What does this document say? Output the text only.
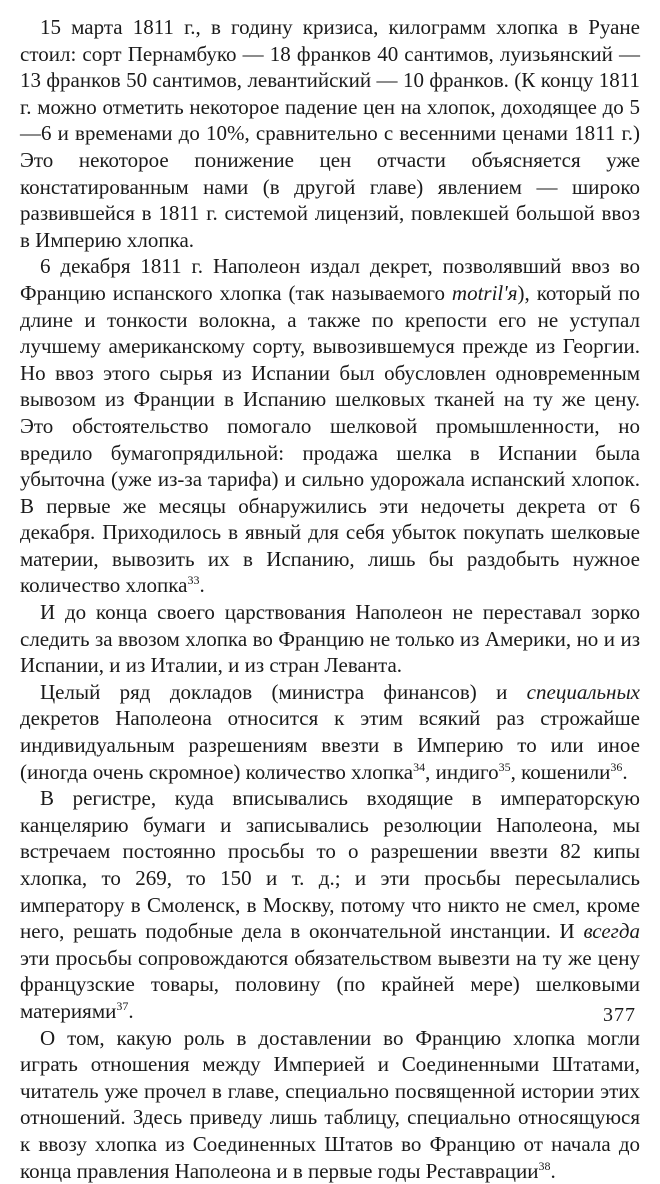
15 марта 1811 г., в годину кризиса, килограмм хлопка в Руане стоил: сорт Пернамбуко — 18 франков 40 сантимов, луизьянский — 13 франков 50 сантимов, левантийский — 10 франков. (К концу 1811 г. можно отметить некоторое падение цен на хлопок, доходящее до 5—6 и временами до 10%, сравнительно с весенними ценами 1811 г.) Это некоторое понижение цен отчасти объясняется уже констатированным нами (в другой главе) явлением — широко развившейся в 1811 г. системой лицензий, повлекшей большой ввоз в Империю хлопка.

6 декабря 1811 г. Наполеон издал декрет, позволявший ввоз во Францию испанского хлопка (так называемого motril'я), который по длине и тонкости волокна, а также по крепости его не уступал лучшему американскому сорту, вывозившемуся прежде из Георгии. Но ввоз этого сырья из Испании был обусловлен одновременным вывозом из Франции в Испанию шелковых тканей на ту же цену. Это обстоятельство помогало шелковой промышленности, но вредило бумагопрядильной: продажа шелка в Испании была убыточна (уже из-за тарифа) и сильно удорожала испанский хлопок. В первые же месяцы обнаружились эти недочеты декрета от 6 декабря. Приходилось в явный для себя убыток покупать шелковые материи, вывозить их в Испанию, лишь бы раздобыть нужное количество хлопка$^{33}$.

И до конца своего царствования Наполеон не переставал зорко следить за ввозом хлопка во Францию не только из Америки, но и из Испании, и из Италии, и из стран Леванта.

Целый ряд докладов (министра финансов) и специальных декретов Наполеона относится к этим всякий раз строжайше индивидуальным разрешениям ввезти в Империю то или иное (иногда очень скромное) количество хлопка$^{34}$, индиго$^{35}$, кошенили$^{36}$.

В регистре, куда вписывались входящие в императорскую канцелярию бумаги и записывались резолюции Наполеона, мы встречаем постоянно просьбы то о разрешении ввезти 82 кипы хлопка, то 269, то 150 и т. д.; и эти просьбы пересылались императору в Смоленск, в Москву, потому что никто не смел, кроме него, решать подобные дела в окончательной инстанции. И всегда эти просьбы сопровождаются обязательством вывезти на ту же цену французские товары, половину (по крайней мере) шелковыми материями$^{37}$.

О том, какую роль в доставлении во Францию хлопка могли играть отношения между Империей и Соединенными Штатами, читатель уже прочел в главе, специально посвященной истории этих отношений. Здесь приведу лишь таблицу, специально относящуюся к ввозу хлопка из Соединенных Штатов во Францию от начала до конца правления Наполеона и в первые годы Реставрации$^{38}$.

377
